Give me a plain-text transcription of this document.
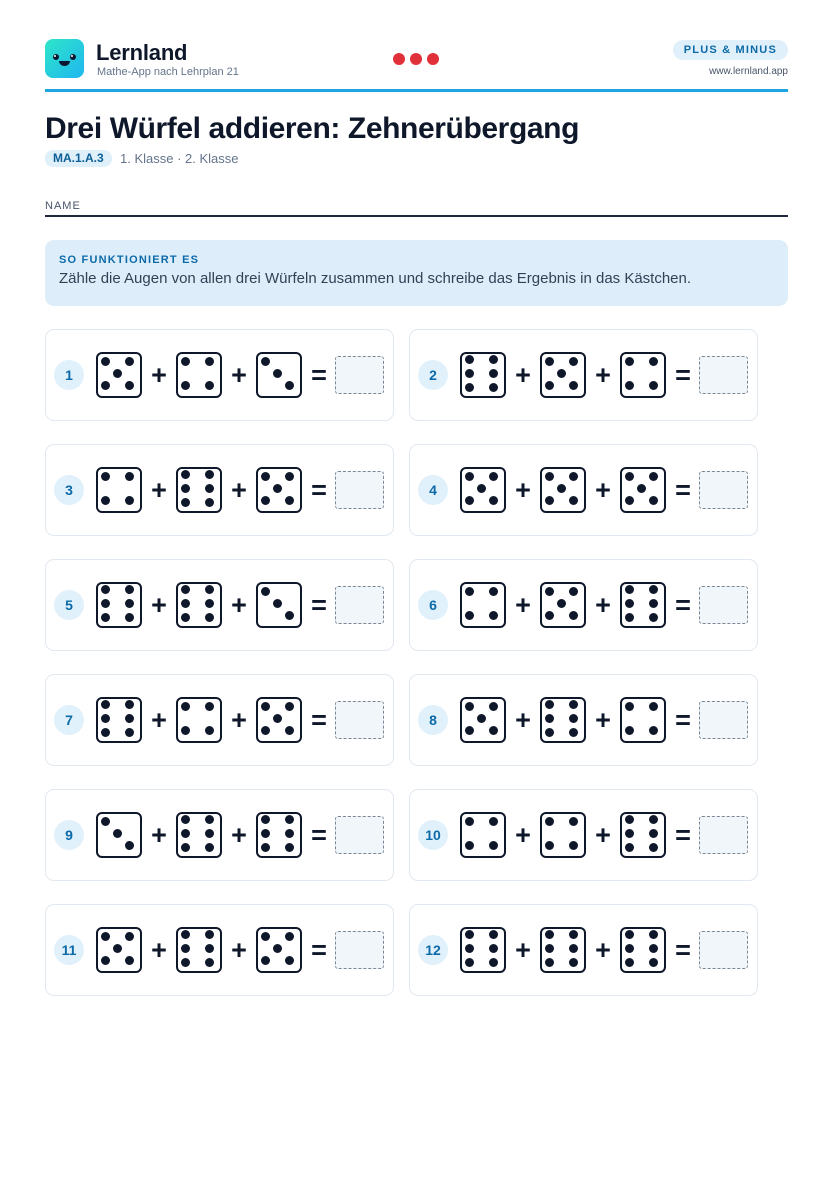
Lernland
Mathe-App nach Lehrplan 21
PLUS & MINUS
www.lernland.app
Drei Würfel addieren: Zehnerübergang
MA.1.A.3	1. Klasse · 2. Klasse
NAME
SO FUNKTIONIERT ES
Zähle die Augen von allen drei Würfeln zusammen und schreibe das Ergebnis in das Kästchen.
1	+ + =	2	+ + =
3	+ + =	4	+ + =
5	+ + =	6	+ + =
7	+ + =	8	+ + =
9	+ + =	10	+ + =
11	+ + =	12	+ + =
